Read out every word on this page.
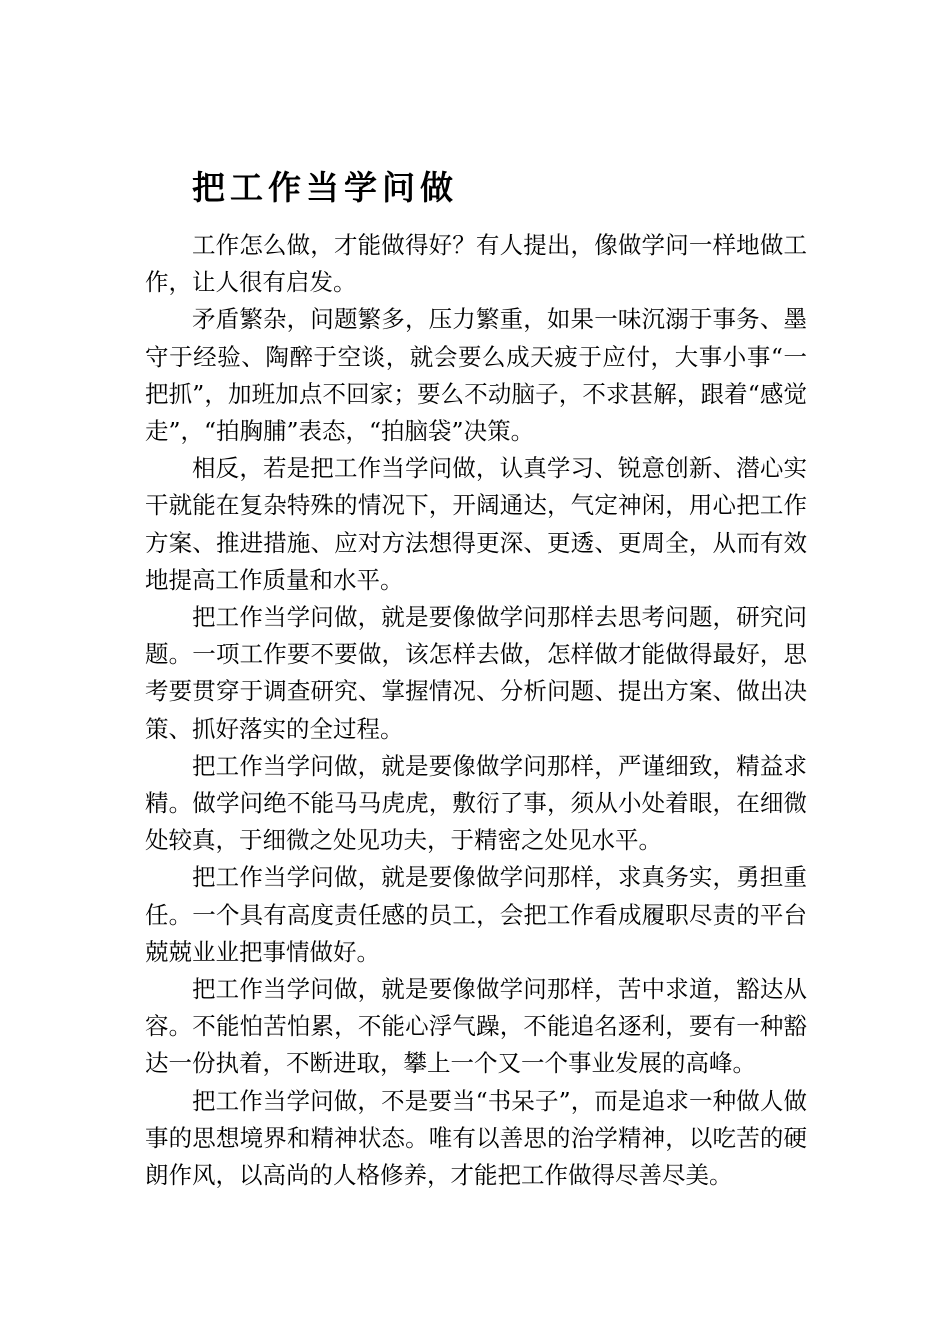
把工作当学问做

工作怎么做，才能做得好？有人提出，像做学问一样地做工作，让人很有启发。

矛盾繁杂，问题繁多，压力繁重，如果一味沉溺于事务、墨守于经验、陶醉于空谈，就会要么成天疲于应付，大事小事“一把抓”，加班加点不回家；要么不动脑子，不求甚解，跟着“感觉走”，“拍胸脯”表态，“拍脑袋”决策。

相反，若是把工作当学问做，认真学习、锐意创新、潜心实干就能在复杂特殊的情况下，开阔通达，气定神闲，用心把工作方案、推进措施、应对方法想得更深、更透、更周全，从而有效地提高工作质量和水平。

把工作当学问做，就是要像做学问那样去思考问题，研究问题。一项工作要不要做，该怎样去做，怎样做才能做得最好，思考要贯穿于调查研究、掌握情况、分析问题、提出方案、做出决策、抓好落实的全过程。

把工作当学问做，就是要像做学问那样，严谨细致，精益求精。做学问绝不能马马虎虎，敷衍了事，须从小处着眼，在细微处较真，于细微之处见功夫，于精密之处见水平。

把工作当学问做，就是要像做学问那样，求真务实，勇担重任。一个具有高度责任感的员工，会把工作看成履职尽责的平台兢兢业业把事情做好。

把工作当学问做，就是要像做学问那样，苦中求道，豁达从容。不能怕苦怕累，不能心浮气躁，不能追名逐利，要有一种豁达一份执着，不断进取，攀上一个又一个事业发展的高峰。

把工作当学问做，不是要当“书呆子”，而是追求一种做人做事的思想境界和精神状态。唯有以善思的治学精神，以吃苦的硬朗作风，以高尚的人格修养，才能把工作做得尽善尽美。
